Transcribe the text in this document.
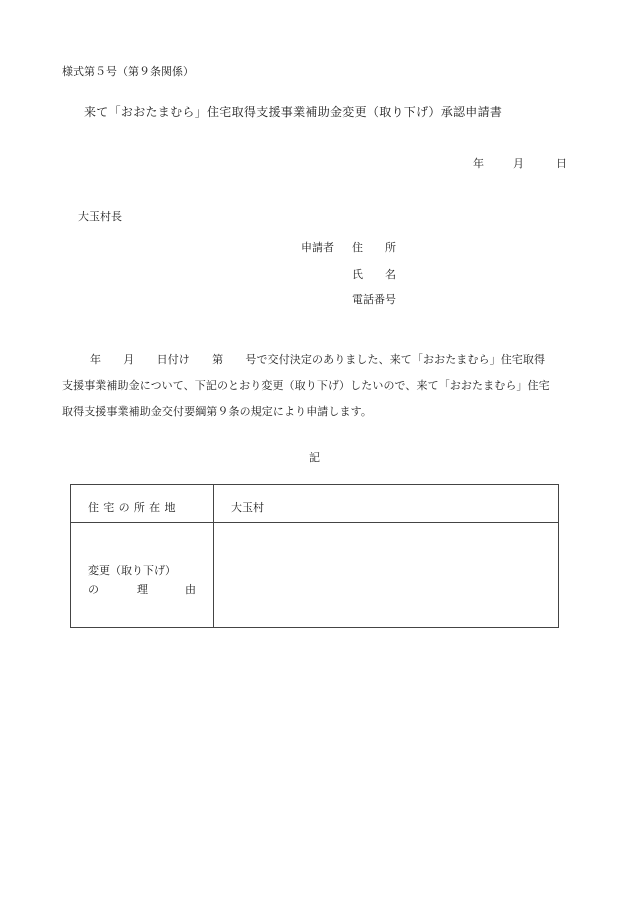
様式第５号（第９条関係）
来て「おおたまむら」住宅取得支援事業補助金変更（取り下げ）承認申請書
年	月	日
大玉村長
申請者 住　　所
氏　　名
電話番号
年　　月　　日付け　　第　　号で交付決定のありました、来て「おおたまむら」住宅取得
支援事業補助金について、下記のとおり変更（取り下げ）したいので、来て「おおたまむら」住宅
取得支援事業補助金交付要綱第９条の規定により申請します。
記
住 宅 の 所 在 地	大玉村
変更（取り下げ）
の	理	由
